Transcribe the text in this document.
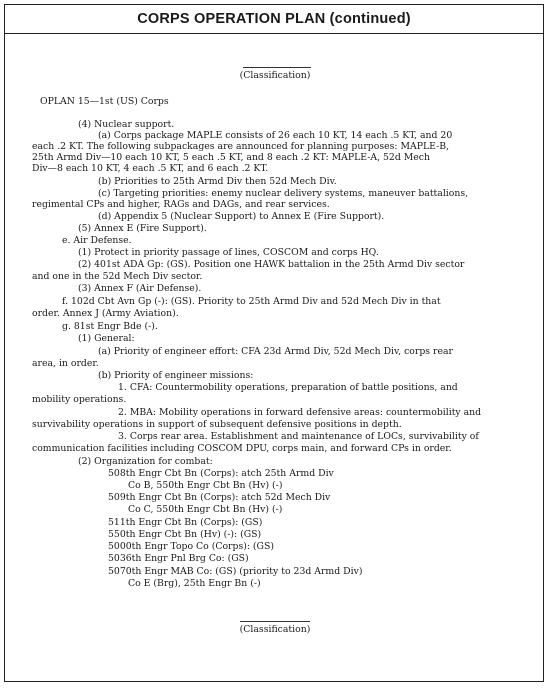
CORPS OPERATION PLAN (continued)
(Classification)
OPLAN 15—1st (US) Corps
(4) Nuclear support.
(a) Corps package MAPLE consists of 26 each 10 KT, 14 each .5 KT, and 20
each .2 KT. The following subpackages are announced for planning purposes: MAPLE-B,
25th Armd Div—10 each 10 KT, 5 each .5 KT, and 8 each .2 KT: MAPLE-A, 52d Mech
Div—8 each 10 KT, 4 each .5 KT, and 6 each .2 KT.
(b) Priorities to 25th Armd Div then 52d Mech Div.
(c) Targeting priorities: enemy nuclear delivery systems, maneuver battalions,
regimental CPs and higher, RAGs and DAGs, and rear services.
(d) Appendix 5 (Nuclear Support) to Annex E (Fire Support).
(5) Annex E (Fire Support).
e. Air Defense.
(1) Protect in priority passage of lines, COSCOM and corps HQ.
(2) 401st ADA Gp: (GS). Position one HAWK battalion in the 25th Armd Div sector
and one in the 52d Mech Div sector.
(3) Annex F (Air Defense).
f. 102d Cbt Avn Gp (-): (GS). Priority to 25th Armd Div and 52d Mech Div in that
order. Annex J (Army Aviation).
g. 81st Engr Bde (-).
(1) General:
(a) Priority of engineer effort: CFA 23d Armd Div, 52d Mech Div, corps rear
area, in order.
(b) Priority of engineer missions:
1. CFA: Countermobility operations, preparation of battle positions, and
mobility operations.
2. MBA: Mobility operations in forward defensive areas: countermobility and
survivability operations in support of subsequent defensive positions in depth.
3. Corps rear area. Establishment and maintenance of LOCs, survivability of
communication facilities including COSCOM DPU, corps main, and forward CPs in order.
(2) Organization for combat:
508th Engr Cbt Bn (Corps): atch 25th Armd Div
Co B, 550th Engr Cbt Bn (Hv) (-)
509th Engr Cbt Bn (Corps): atch 52d Mech Div
Co C, 550th Engr Cbt Bn (Hv) (-)
511th Engr Cbt Bn (Corps): (GS)
550th Engr Cbt Bn (Hv) (-): (GS)
5000th Engr Topo Co (Corps): (GS)
5036th Engr Pnl Brg Co: (GS)
5070th Engr MAB Co: (GS) (priority to 23d Armd Div)
Co E (Brg), 25th Engr Bn (-)
(Classification)
